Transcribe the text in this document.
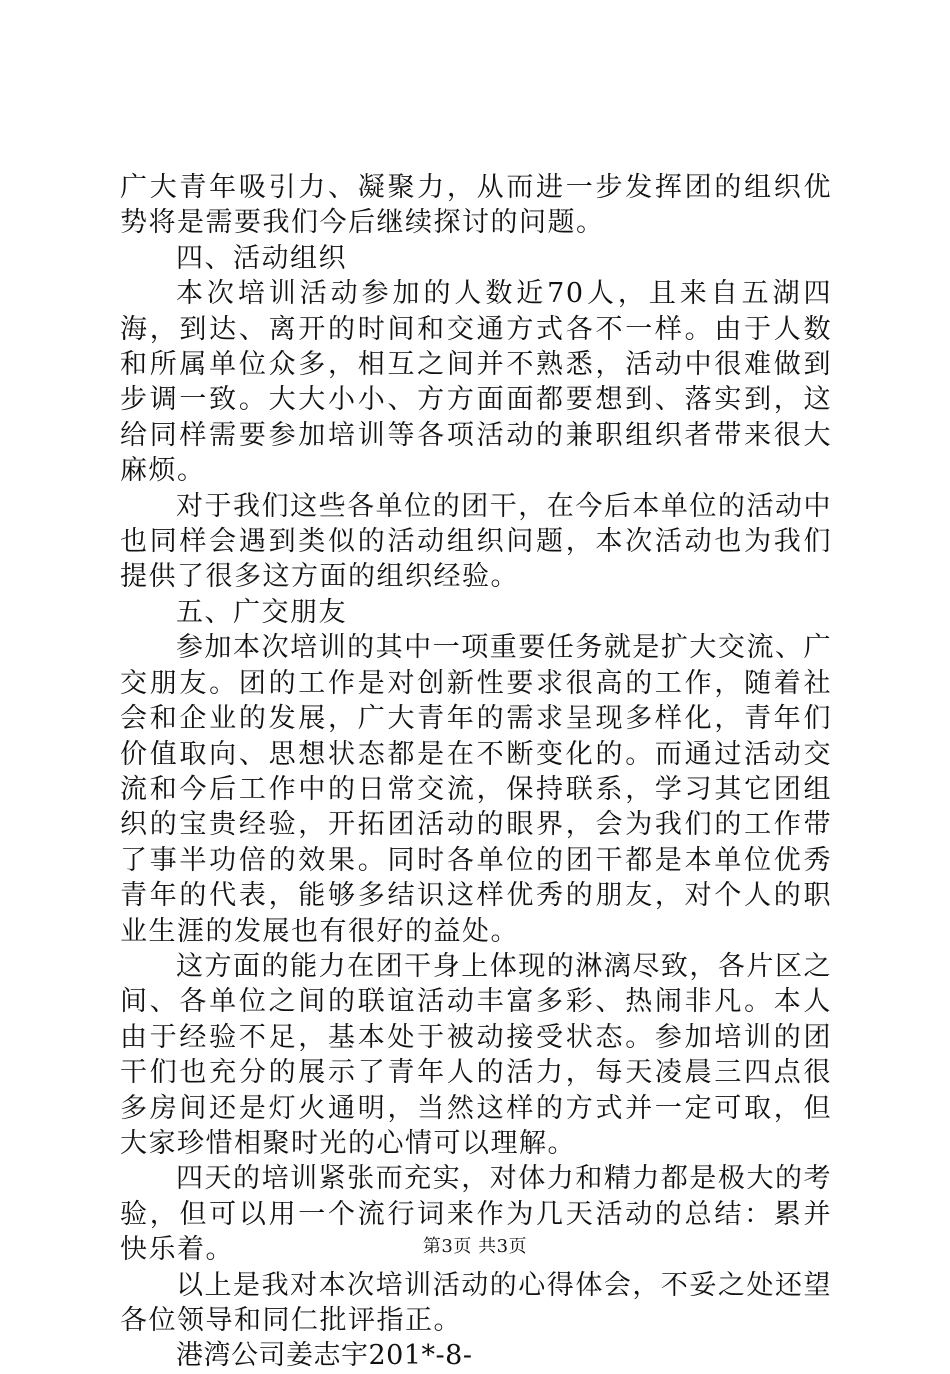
广大青年吸引力、凝聚力，从而进一步发挥团的组织优势将是需要我们今后继续探讨的问题。

四、活动组织

本次培训活动参加的人数近70人，且来自五湖四海，到达、离开的时间和交通方式各不一样。由于人数和所属单位众多，相互之间并不熟悉，活动中很难做到步调一致。大大小小、方方面面都要想到、落实到，这给同样需要参加培训等各项活动的兼职组织者带来很大麻烦。

对于我们这些各单位的团干，在今后本单位的活动中也同样会遇到类似的活动组织问题，本次活动也为我们提供了很多这方面的组织经验。

五、广交朋友

参加本次培训的其中一项重要任务就是扩大交流、广交朋友。团的工作是对创新性要求很高的工作，随着社会和企业的发展，广大青年的需求呈现多样化，青年们价值取向、思想状态都是在不断变化的。而通过活动交流和今后工作中的日常交流，保持联系，学习其它团组织的宝贵经验，开拓团活动的眼界，会为我们的工作带了事半功倍的效果。同时各单位的团干都是本单位优秀青年的代表，能够多结识这样优秀的朋友，对个人的职业生涯的发展也有很好的益处。

这方面的能力在团干身上体现的淋漓尽致，各片区之间、各单位之间的联谊活动丰富多彩、热闹非凡。本人由于经验不足，基本处于被动接受状态。参加培训的团干们也充分的展示了青年人的活力，每天凌晨三四点很多房间还是灯火通明，当然这样的方式并一定可取，但大家珍惜相聚时光的心情可以理解。

四天的培训紧张而充实，对体力和精力都是极大的考验，但可以用一个流行词来作为几天活动的总结：累并快乐着。

以上是我对本次培训活动的心得体会，不妥之处还望各位领导和同仁批评指正。

港湾公司姜志宇201*-8-

第3页 共3页
